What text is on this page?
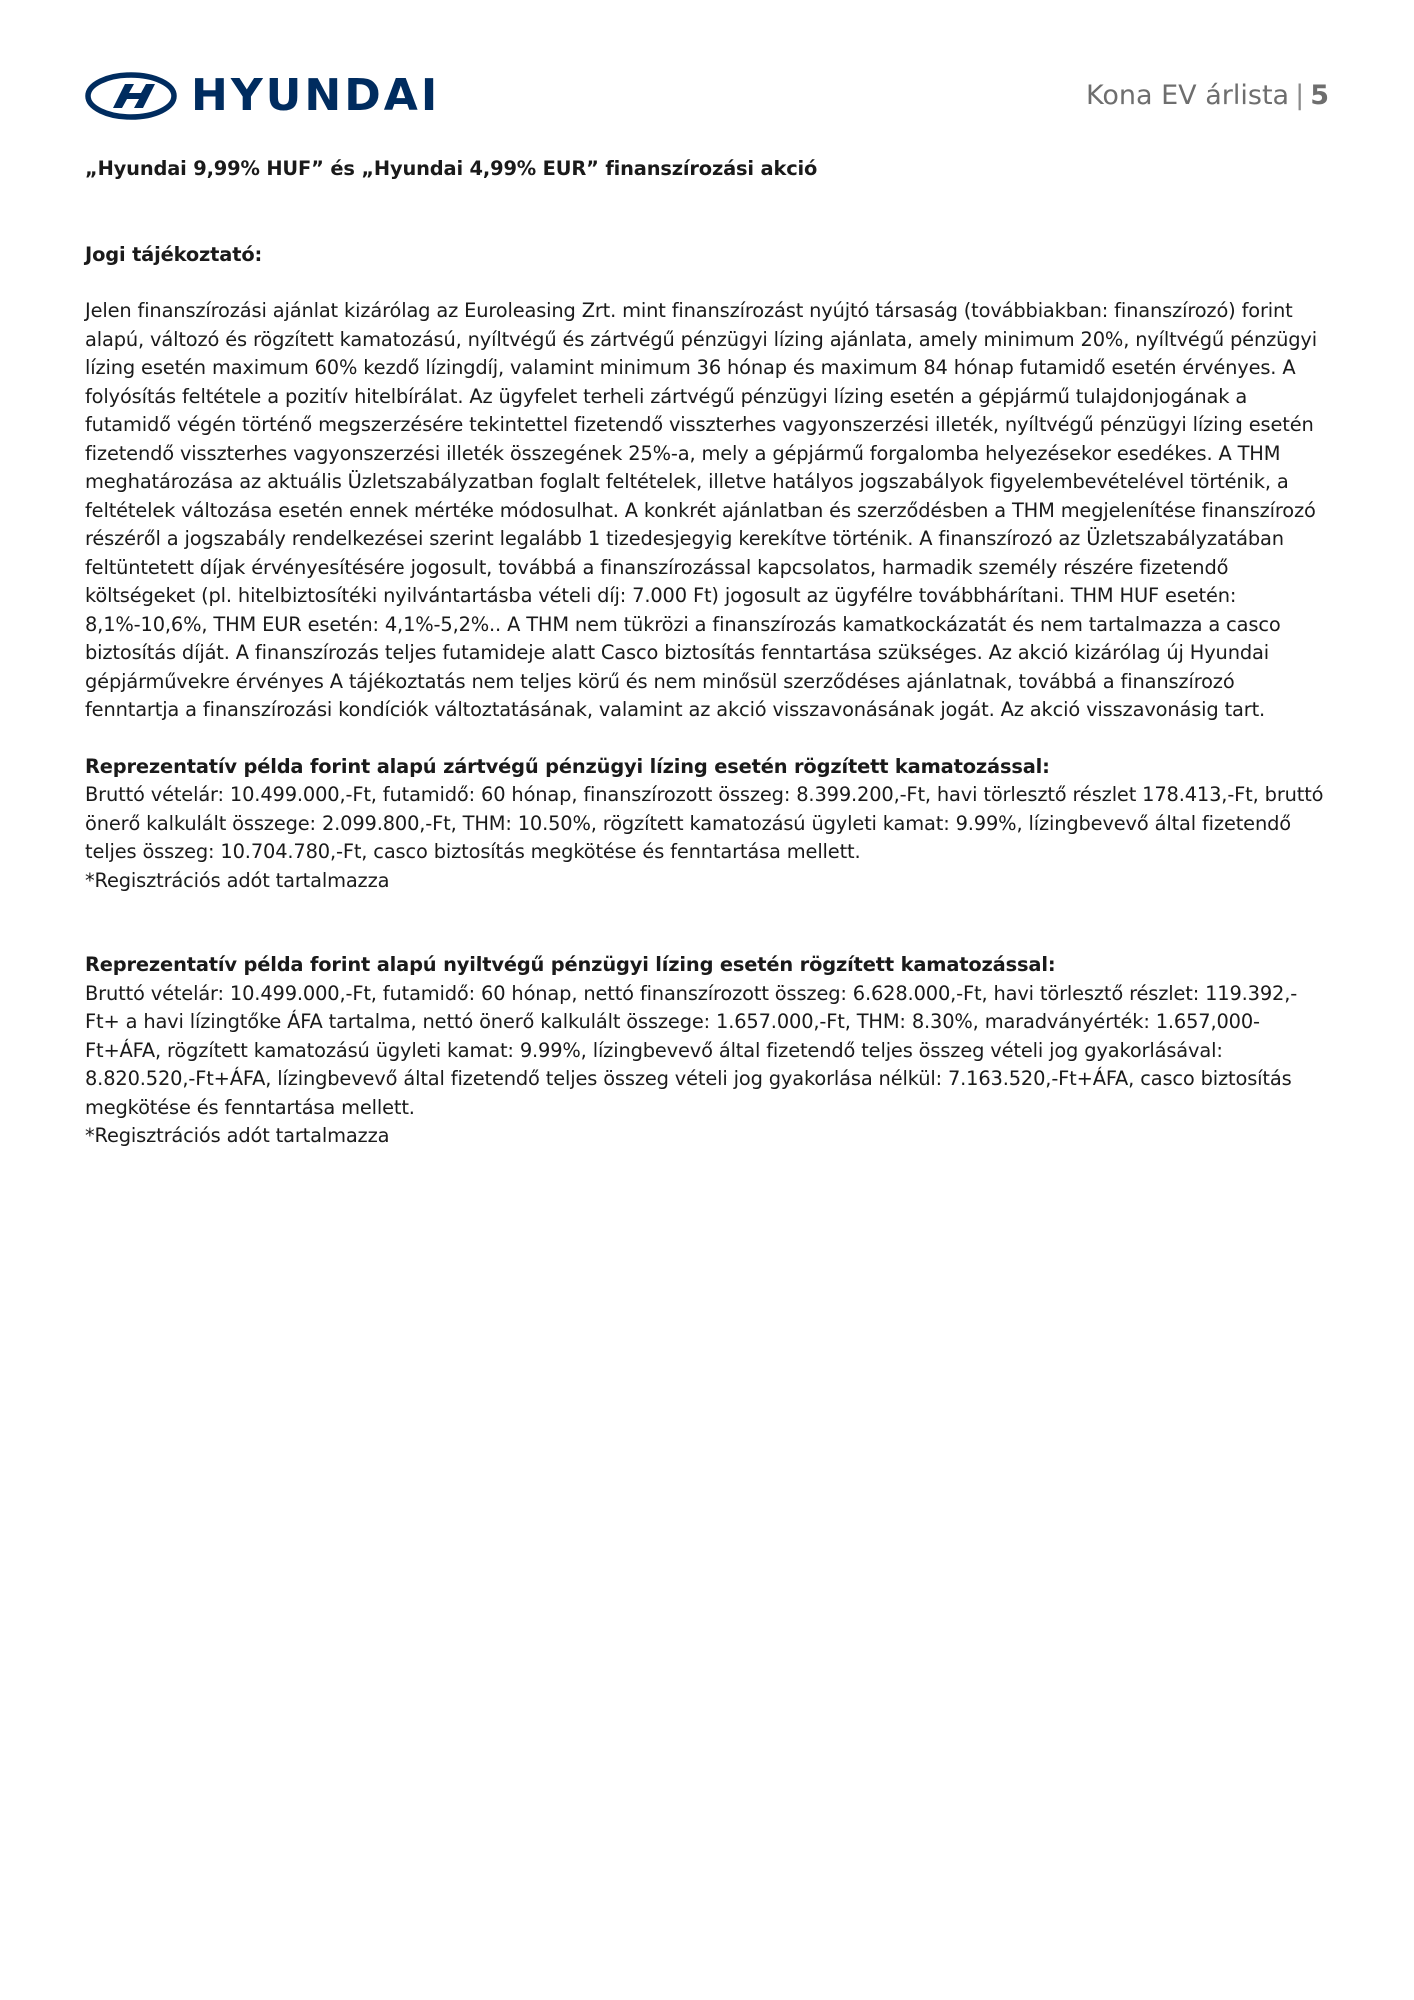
HYUNDAI	Kona EV árlista | 5

„Hyundai 9,99% HUF” és „Hyundai 4,99% EUR” finanszírozási akció

Jogi tájékoztató:

Jelen finanszírozási ajánlat kizárólag az Euroleasing Zrt. mint finanszírozást nyújtó társaság (továbbiakban: finanszírozó) forint alapú, változó és rögzített kamatozású, nyíltvégű és zártvégű pénzügyi lízing ajánlata, amely minimum 20%, nyíltvégű pénzügyi lízing esetén maximum 60% kezdő lízingdíj, valamint minimum 36 hónap és maximum 84 hónap futamidő esetén érvényes. A folyósítás feltétele a pozitív hitelbírálat. Az ügyfelet terheli zártvégű pénzügyi lízing esetén a gépjármű tulajdonjogának a futamidő végén történő megszerzésére tekintettel fizetendő visszterhes vagyonszerzési illeték, nyíltvégű pénzügyi lízing esetén fizetendő visszterhes vagyonszerzési illeték összegének 25%-a, mely a gépjármű forgalomba helyezésekor esedékes. A THM meghatározása az aktuális Üzletszabályzatban foglalt feltételek, illetve hatályos jogszabályok figyelembevételével történik, a feltételek változása esetén ennek mértéke módosulhat. A konkrét ajánlatban és szerződésben a THM megjelenítése finanszírozó részéről a jogszabály rendelkezései szerint legalább 1 tizedesjegyig kerekítve történik. A finanszírozó az Üzletszabályzatában feltüntetett díjak érvényesítésére jogosult, továbbá a finanszírozással kapcsolatos, harmadik személy részére fizetendő költségeket (pl. hitelbiztosítéki nyilvántartásba vételi díj: 7.000 Ft) jogosult az ügyfélre továbbhárítani. THM HUF esetén: 8,1%-10,6%, THM EUR esetén: 4,1%-5,2%.. A THM nem tükrözi a finanszírozás kamatkockázatát és nem tartalmazza a casco biztosítás díját. A finanszírozás teljes futamideje alatt Casco biztosítás fenntartása szükséges. Az akció kizárólag új Hyundai gépjárművekre érvényes A tájékoztatás nem teljes körű és nem minősül szerződéses ajánlatnak, továbbá a finanszírozó fenntartja a finanszírozási kondíciók változtatásának, valamint az akció visszavonásának jogát. Az akció visszavonásig tart.

Reprezentatív példa forint alapú zártvégű pénzügyi lízing esetén rögzített kamatozással:

Bruttó vételár: 10.499.000,-Ft, futamidő: 60 hónap, finanszírozott összeg: 8.399.200,-Ft, havi törlesztő részlet 178.413,-Ft, bruttó önerő kalkulált összege: 2.099.800,-Ft, THM: 10.50%, rögzített kamatozású ügyleti kamat: 9.99%, lízingbevevő által fizetendő teljes összeg: 10.704.780,-Ft, casco biztosítás megkötése és fenntartása mellett.

*Regisztrációs adót tartalmazza

Reprezentatív példa forint alapú nyiltvégű pénzügyi lízing esetén rögzített kamatozással:

Bruttó vételár: 10.499.000,-Ft, futamidő: 60 hónap, nettó finanszírozott összeg: 6.628.000,-Ft, havi törlesztő részlet: 119.392,-Ft+ a havi lízingtőke ÁFA tartalma, nettó önerő kalkulált összege: 1.657.000,-Ft, THM: 8.30%, maradványérték: 1.657,000-Ft+ÁFA, rögzített kamatozású ügyleti kamat: 9.99%, lízingbevevő által fizetendő teljes összeg vételi jog gyakorlásával: 8.820.520,-Ft+ÁFA, lízingbevevő által fizetendő teljes összeg vételi jog gyakorlása nélkül: 7.163.520,-Ft+ÁFA, casco biztosítás megkötése és fenntartása mellett.

*Regisztrációs adót tartalmazza
